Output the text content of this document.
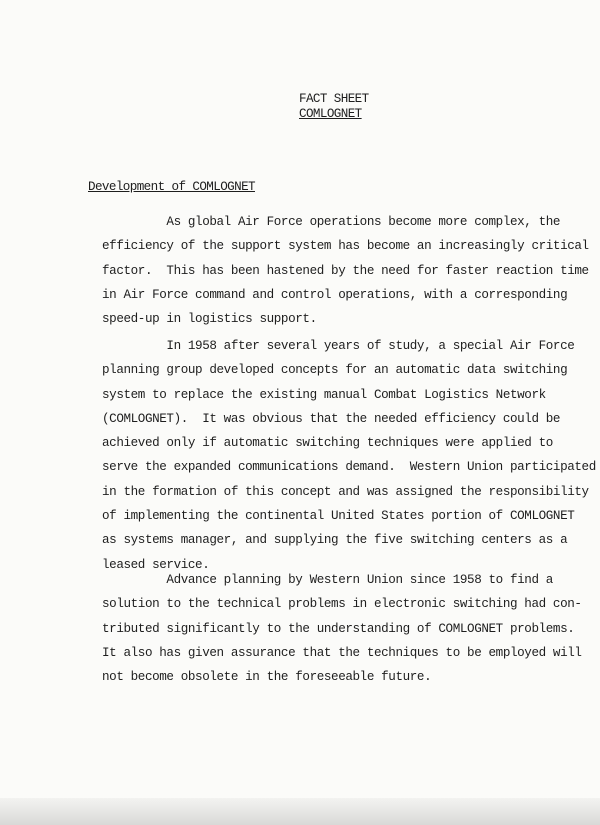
FACT SHEET
COMLOGNET
Development of COMLOGNET
As global Air Force operations become more complex, the
efficiency of the support system has become an increasingly critical
factor.  This has been hastened by the need for faster reaction time
in Air Force command and control operations, with a corresponding
speed-up in logistics support.
In 1958 after several years of study, a special Air Force
planning group developed concepts for an automatic data switching
system to replace the existing manual Combat Logistics Network
(COMLOGNET).  It was obvious that the needed efficiency could be
achieved only if automatic switching techniques were applied to
serve the expanded communications demand.  Western Union participated
in the formation of this concept and was assigned the responsibility
of implementing the continental United States portion of COMLOGNET
as systems manager, and supplying the five switching centers as a
leased service.
Advance planning by Western Union since 1958 to find a
solution to the technical problems in electronic switching had con-
tributed significantly to the understanding of COMLOGNET problems.
It also has given assurance that the techniques to be employed will
not become obsolete in the foreseeable future.
